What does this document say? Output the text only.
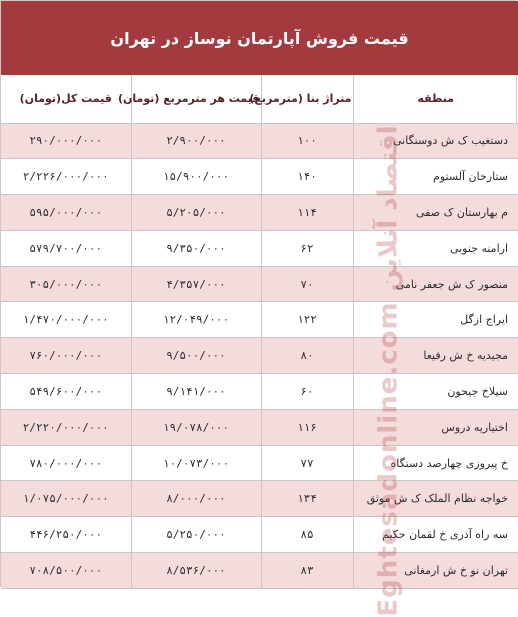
قیمت فروش آپارتمان نوساز در تهران
منطقه	متراژ بنا (مترمربع)	قیمت هر مترمربع (تومان)	قیمت کل(تومان)
دستغیب ک ش دوسنگانی	۱۰۰	۲/۹۰۰/۰۰۰	۲۹۰/۰۰۰/۰۰۰
ستارخان آلستوم	۱۴۰	۱۵/۹۰۰/۰۰۰	۲/۲۲۶/۰۰۰/۰۰۰
م بهارستان ک صفی	۱۱۴	۵/۲۰۵/۰۰۰	۵۹۵/۰۰۰/۰۰۰
ارامنه جنوبی	۶۲	۹/۳۵۰/۰۰۰	۵۷۹/۷۰۰/۰۰۰
منصور ک ش جعفر نامی	۷۰	۴/۳۵۷/۰۰۰	۳۰۵/۰۰۰/۰۰۰
ایراج ازگل	۱۲۲	۱۲/۰۴۹/۰۰۰	۱/۴۷۰/۰۰۰/۰۰۰
مجیدیه خ ش رفیعا	۸۰	۹/۵۰۰/۰۰۰	۷۶۰/۰۰۰/۰۰۰
سیلاخ جیحون	۶۰	۹/۱۴۱/۰۰۰	۵۴۹/۶۰۰/۰۰۰
اختیاریه دروس	۱۱۶	۱۹/۰۷۸/۰۰۰	۲/۲۲۰/۰۰۰/۰۰۰
خ پیروزی چهارصد دستگاه	۷۷	۱۰/۰۷۳/۰۰۰	۷۸۰/۰۰۰/۰۰۰
خواجه نظام الملک ک ش موثق	۱۳۴	۸/۰۰۰/۰۰۰	۱/۰۷۵/۰۰۰/۰۰۰
سه راه آذری خ لقمان حکیم	۸۵	۵/۲۵۰/۰۰۰	۴۴۶/۲۵۰/۰۰۰
تهران نو خ ش ارمغانی	۸۳	۸/۵۳۶/۰۰۰	۷۰۸/۵۰۰/۰۰۰	Eghtesadonline.com اقتصاد آنلاین
